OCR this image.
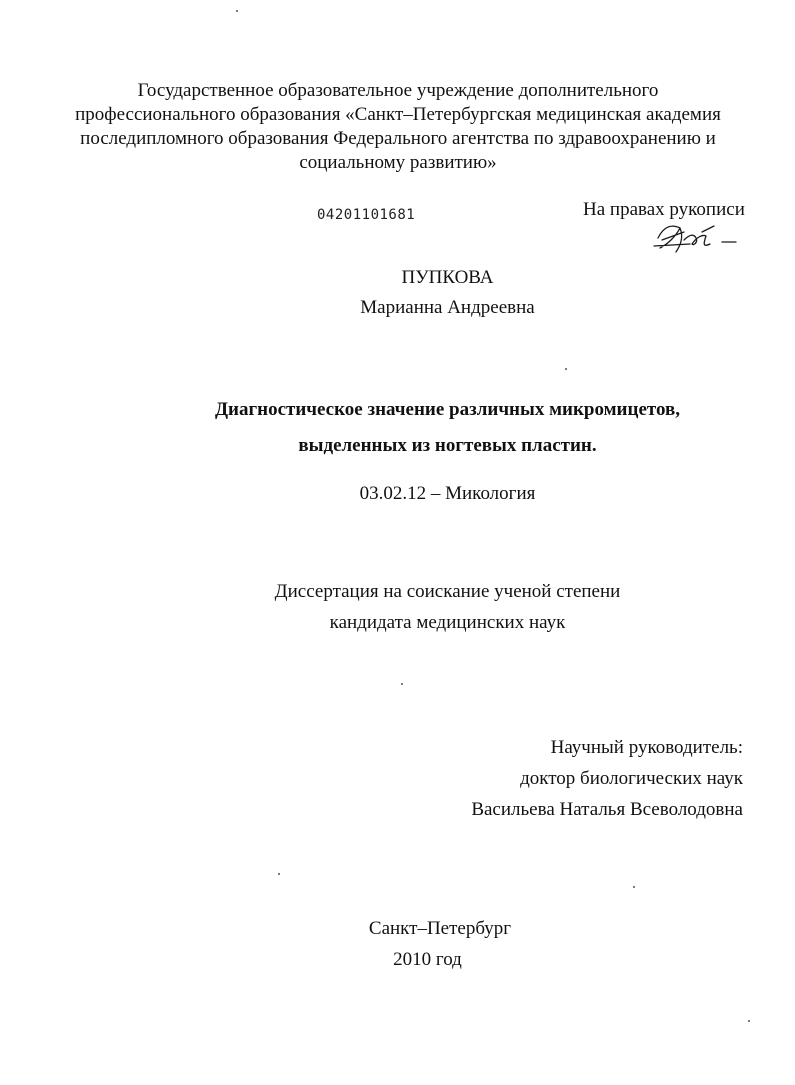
Государственное образовательное учреждение дополнительного
профессионального образования «Санкт–Петербургская медицинская академия
последипломного образования Федерального агентства по здравоохранению и
социальному развитию»
04201101681	На правах рукописи
ПУПКОВА
Марианна Андреевна
Диагностическое значение различных микромицетов,
выделенных из ногтевых пластин.
03.02.12 – Микология
Диссертация на соискание ученой степени
кандидата медицинских наук
Научный руководитель:
доктор биологических наук
Васильева Наталья Всеволодовна
Санкт–Петербург
2010 год
